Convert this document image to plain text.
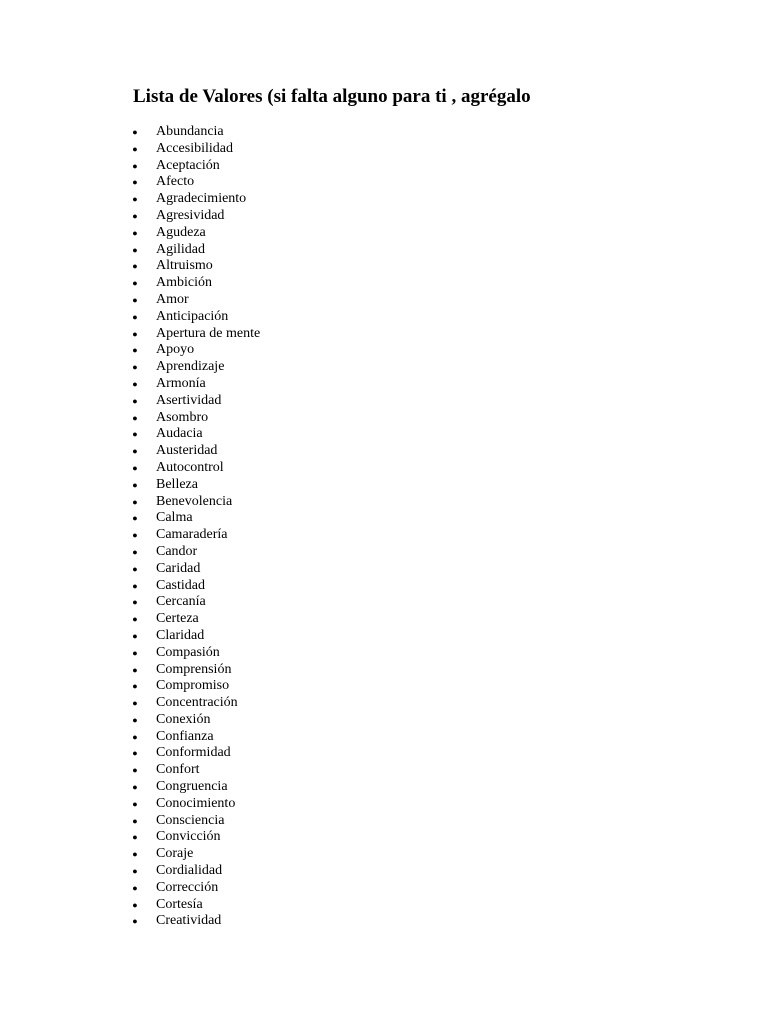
Lista de Valores (si falta alguno para ti , agrégalo
● Abundancia
● Accesibilidad
● Aceptación
● Afecto
● Agradecimiento
● Agresividad
● Agudeza
● Agilidad
● Altruismo
● Ambición
● Amor
● Anticipación
● Apertura de mente
● Apoyo
● Aprendizaje
● Armonía
● Asertividad
● Asombro
● Audacia
● Austeridad
● Autocontrol
● Belleza
● Benevolencia
● Calma
● Camaradería
● Candor
● Caridad
● Castidad
● Cercanía
● Certeza
● Claridad
● Compasión
● Comprensión
● Compromiso
● Concentración
● Conexión
● Confianza
● Conformidad
● Confort
● Congruencia
● Conocimiento
● Consciencia
● Convicción
● Coraje
● Cordialidad
● Corrección
● Cortesía
● Creatividad
